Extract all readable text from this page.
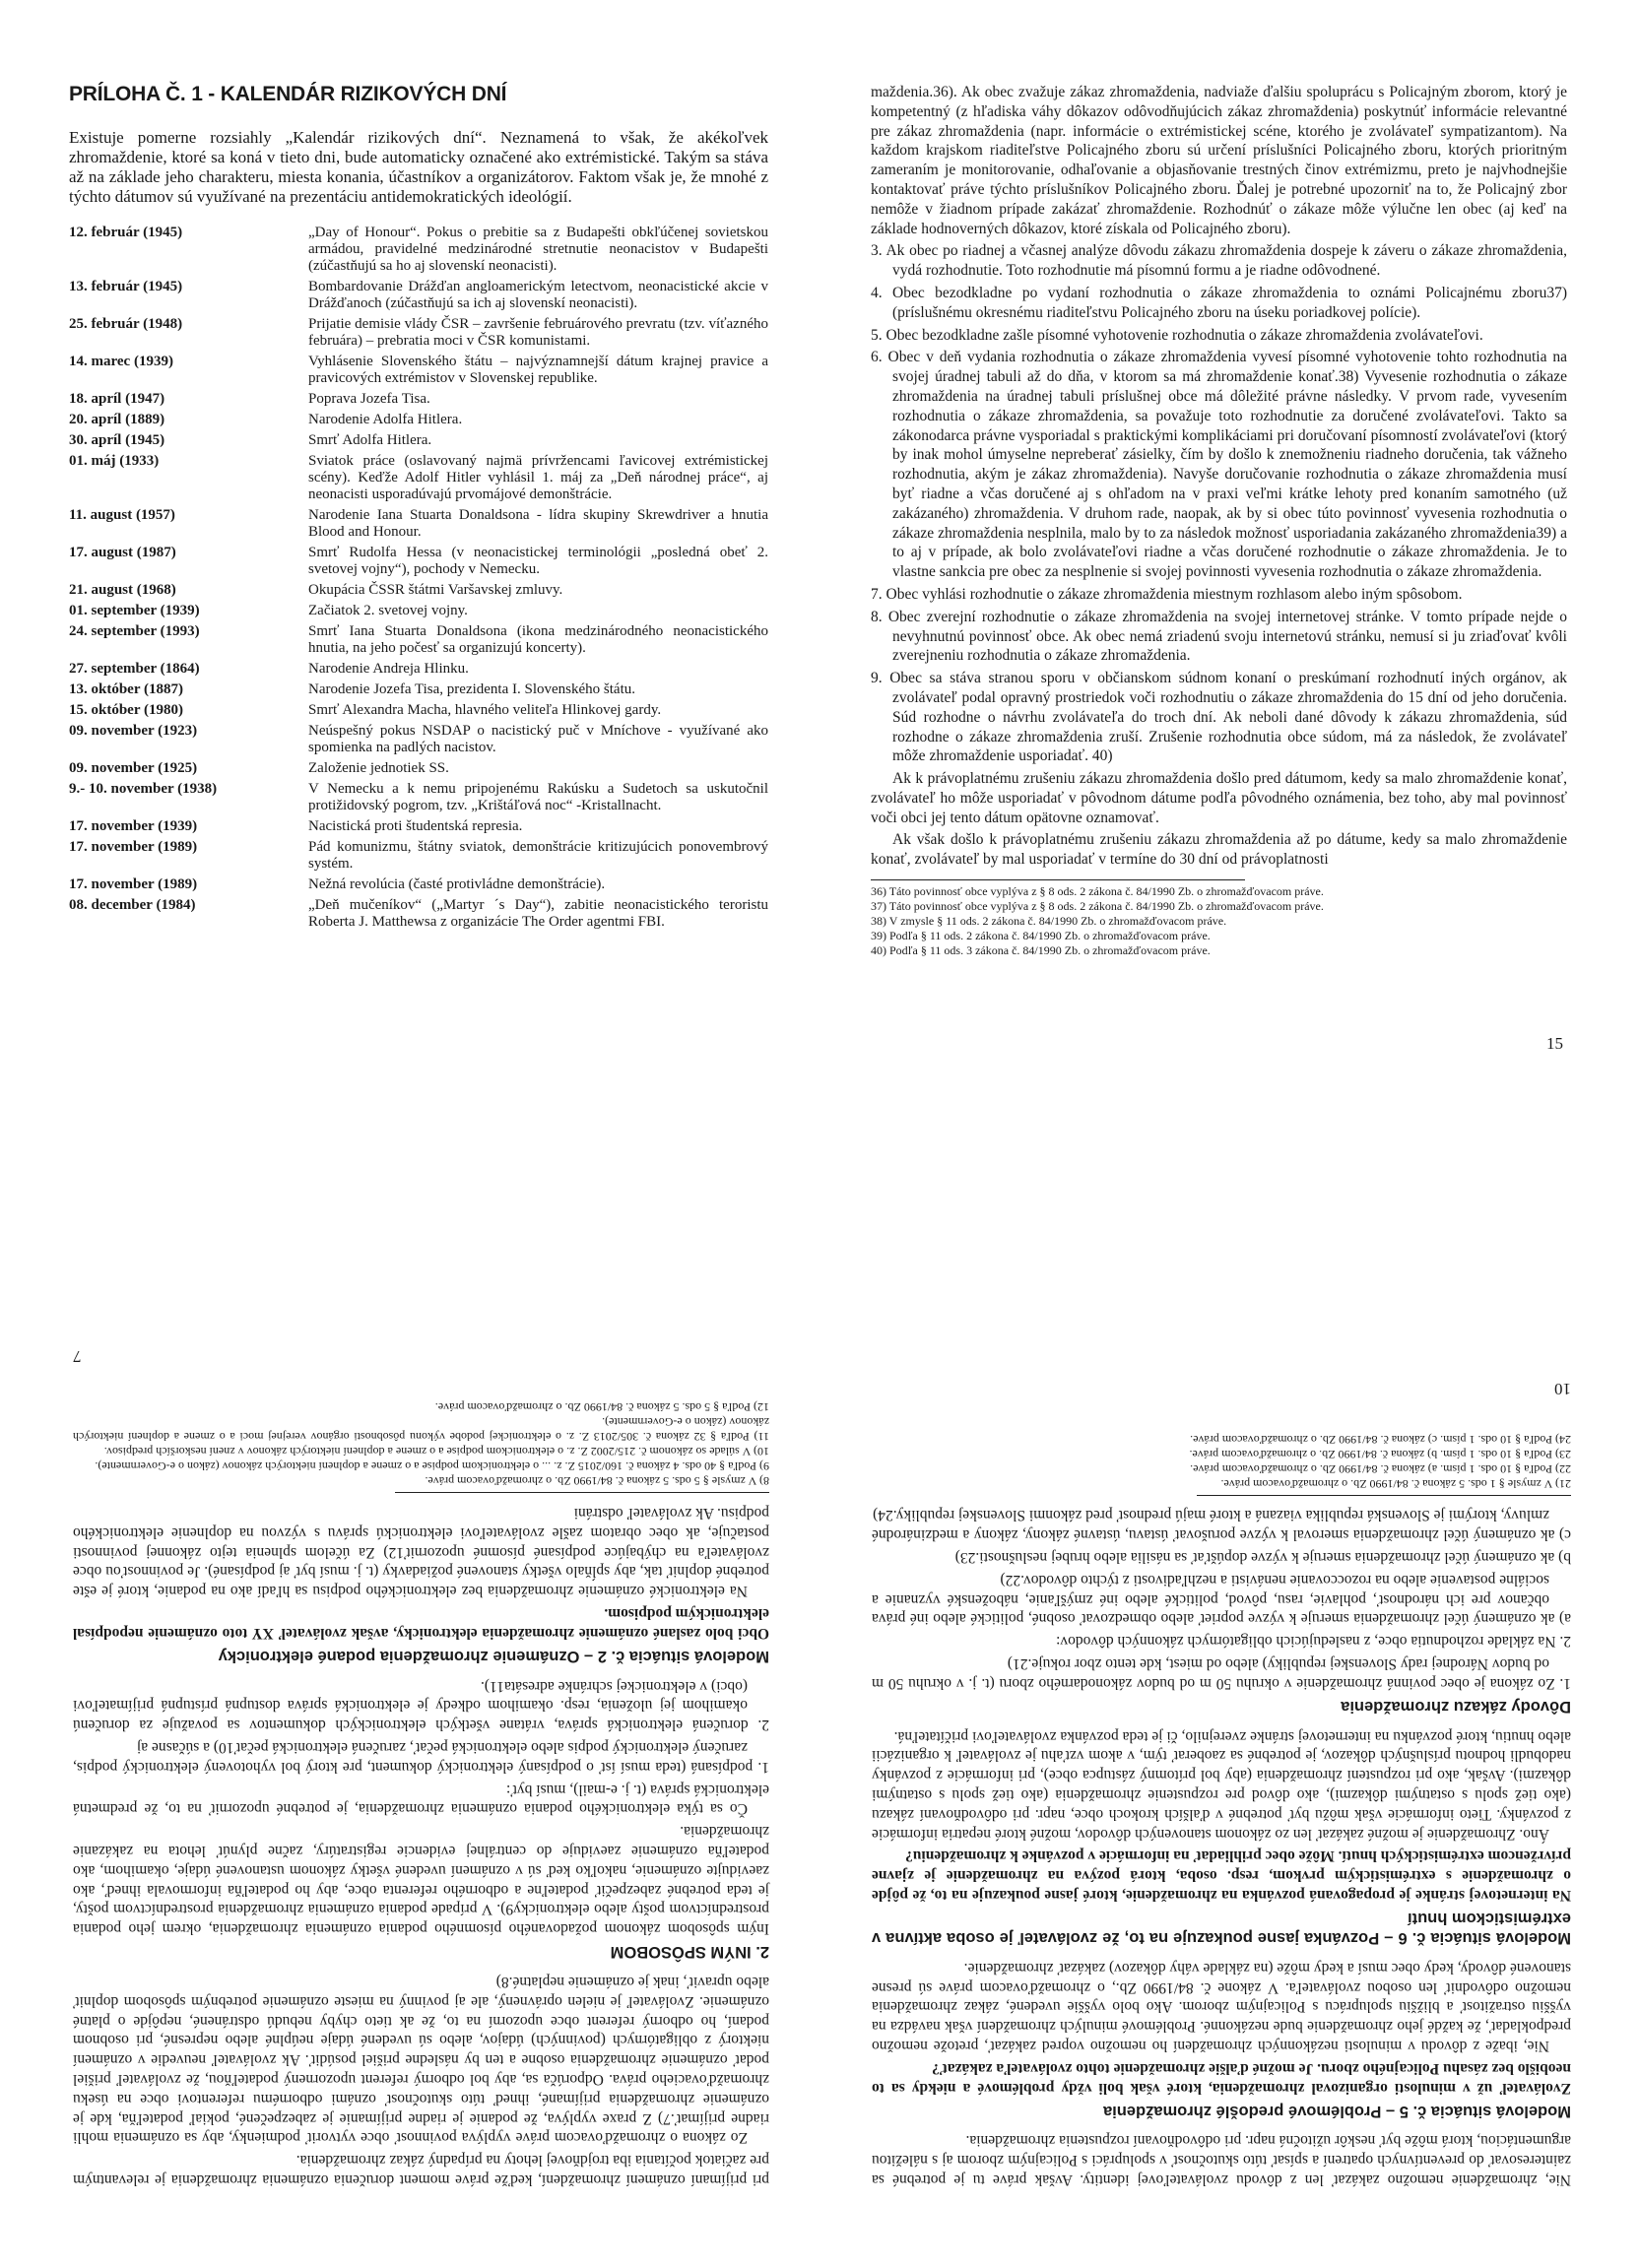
PRÍLOHA Č. 1 - KALENDÁR RIZIKOVÝCH DNÍ
Existuje pomerne rozsiahly „Kalendár rizikových dní“. Neznamená to však, že akékoľvek zhromaždenie, ktoré sa koná v tieto dni, bude automaticky označené ako extrémistické. Takým sa stáva až na základe jeho charakteru, miesta konania, účastníkov a organizátorov. Faktom však je, že mnohé z týchto dátumov sú využívané na prezentáciu antidemokratických ideológií.
12. február (1945)	„Day of Honour“. Pokus o prebitie sa z Budapešti obkľúčenej sovietskou armádou, pravidelné medzinárodné stretnutie neonacistov v Budapešti (zúčastňujú sa ho aj slovenskí neonacisti).
13. február (1945)	Bombardovanie Drážďan angloamerickým letectvom, neonacistické akcie v Drážďanoch (zúčastňujú sa ich aj slovenskí neonacisti).
25. február (1948)	Prijatie demisie vlády ČSR – završenie februárového prevratu (tzv. víťazného februára) – prebratia moci v ČSR komunistami.
14. marec (1939)	Vyhlásenie Slovenského štátu – najvýznamnejší dátum krajnej pravice a pravicových extrémistov v Slovenskej republike.
18. apríl (1947)	Poprava Jozefa Tisa.
20. apríl (1889)	Narodenie Adolfa Hitlera.
30. apríl (1945)	Smrť Adolfa Hitlera.
01. máj (1933)	Sviatok práce (oslavovaný najmä prívržencami ľavicovej extrémistickej scény). Keďže Adolf Hitler vyhlásil 1. máj za „Deň národnej práce“, aj neonacisti usporadúvajú prvomájové demonštrácie.
11. august (1957)	Narodenie Iana Stuarta Donaldsona - lídra skupiny Skrewdriver a hnutia Blood and Honour.
17. august (1987)	Smrť Rudolfa Hessa (v neonacistickej terminológii „posledná obeť 2. svetovej vojny“), pochody v Nemecku.
21. august (1968)	Okupácia ČSSR štátmi Varšavskej zmluvy.
01. september (1939)	Začiatok 2. svetovej vojny.
24. september (1993)	Smrť Iana Stuarta Donaldsona (ikona medzinárodného neonacistického hnutia, na jeho počesť sa organizujú koncerty).
27. september (1864)	Narodenie Andreja Hlinku.
13. október (1887)	Narodenie Jozefa Tisa, prezidenta I. Slovenského štátu.
15. október (1980)	Smrť Alexandra Macha, hlavného veliteľa Hlinkovej gardy.
09. november (1923)	Neúspešný pokus NSDAP o nacistický puč v Mníchove - využívané ako spomienka na padlých nacistov.
09. november (1925)	Založenie jednotiek SS.
9.- 10. november (1938)	V Nemecku a k nemu pripojenému Rakúsku a Sudetoch sa uskutočnil protižidovský pogrom, tzv. „Krištáľová noc“ -Kristallnacht.
17. november (1939)	Nacistická proti študentská represia.
17. november (1989)	Pád komunizmu, štátny sviatok, demonštrácie kritizujúcich ponovembrový systém.
17. november (1989)	Nežná revolúcia (časté protivládne demonštrácie).
08. december (1984)	„Deň mučeníkov“ („Martyr ´s Day“), zabitie neonacistického teroristu Roberta J. Matthewsa z organizácie The Order agentmi FBI.
maždenia.36). Ak obec zvažuje zákaz zhromaždenia, nadviaže ďalšiu spoluprácu s Policajným zborom, ktorý je kompetentný (z hľadiska váhy dôkazov odôvodňujúcich zákaz zhromaždenia) poskytnúť informácie relevantné pre zákaz zhromaždenia (napr. informácie o extrémistickej scéne, ktorého je zvolávateľ sympatizantom). Na každom krajskom riaditeľstve Policajného zboru sú určení príslušníci Policajného zboru, ktorých prioritným zameraním je monitorovanie, odhaľovanie a objasňovanie trestných činov extrémizmu, preto je najvhodnejšie kontaktovať práve týchto príslušníkov Policajného zboru. Ďalej je potrebné upozorniť na to, že Policajný zbor nemôže v žiadnom prípade zakázať zhromaždenie. Rozhodnúť o zákaze môže výlučne len obec (aj keď na základe hodnoverných dôkazov, ktoré získala od Policajného zboru).
3. Ak obec po riadnej a včasnej analýze dôvodu zákazu zhromaždenia dospeje k záveru o zákaze zhromaždenia, vydá rozhodnutie. Toto rozhodnutie má písomnú formu a je riadne odôvodnené.
4. Obec bezodkladne po vydaní rozhodnutia o zákaze zhromaždenia to oznámi Policajnému zboru37) (príslušnému okresnému riaditeľstvu Policajného zboru na úseku poriadkovej polície).
5. Obec bezodkladne zašle písomné vyhotovenie rozhodnutia o zákaze zhromaždenia zvolávateľovi.
6. Obec v deň vydania rozhodnutia o zákaze zhromaždenia vyvesí písomné vyhotovenie tohto rozhodnutia na svojej úradnej tabuli až do dňa, v ktorom sa má zhromaždenie konať.38) Vyvesenie rozhodnutia o zákaze zhromaždenia na úradnej tabuli príslušnej obce má dôležité právne následky. V prvom rade, vyvesením rozhodnutia o zákaze zhromaždenia, sa považuje toto rozhodnutie za doručené zvolávateľovi. Takto sa zákonodarca právne vysporiadal s praktickými komplikáciami pri doručovaní písomností zvolávateľovi (ktorý by inak mohol úmyselne nepreberať zásielky, čím by došlo k znemožneniu riadneho doručenia, tak vážneho rozhodnutia, akým je zákaz zhromaždenia). Navyše doručovanie rozhodnutia o zákaze zhromaždenia musí byť riadne a včas doručené aj s ohľadom na v praxi veľmi krátke lehoty pred konaním samotného (už zakázaného) zhromaždenia. V druhom rade, naopak, ak by si obec túto povinnosť vyvesenia rozhodnutia o zákaze zhromaždenia nesplnila, malo by to za následok možnosť usporiadania zakázaného zhromaždenia39) a to aj v prípade, ak bolo zvolávateľovi riadne a včas doručené rozhodnutie o zákaze zhromaždenia. Je to vlastne sankcia pre obec za nesplnenie si svojej povinnosti vyvesenia rozhodnutia o zákaze zhromaždenia.
7. Obec vyhlási rozhodnutie o zákaze zhromaždenia miestnym rozhlasom alebo iným spôsobom.
8. Obec zverejní rozhodnutie o zákaze zhromaždenia na svojej internetovej stránke. V tomto prípade nejde o nevyhnutnú povinnosť obce. Ak obec nemá zriadenú svoju internetovú stránku, nemusí si ju zriaďovať kvôli zverejneniu rozhodnutia o zákaze zhromaždenia.
9. Obec sa stáva stranou sporu v občianskom súdnom konaní o preskúmaní rozhodnutí iných orgánov, ak zvolávateľ podal opravný prostriedok voči rozhodnutiu o zákaze zhromaždenia do 15 dní od jeho doručenia. Súd rozhodne o návrhu zvolávateľa do troch dní. Ak neboli dané dôvody k zákazu zhromaždenia, súd rozhodne o zákaze zhromaždenia zruší. Zrušenie rozhodnutia obce súdom, má za následok, že zvolávateľ môže zhromaždenie usporiadať. 40)
Ak k právoplatnému zrušeniu zákazu zhromaždenia došlo pred dátumom, kedy sa malo zhromaždenie konať, zvolávateľ ho môže usporiadať v pôvodnom dátume podľa pôvodného oznámenia, bez toho, aby mal povinnosť voči obci jej tento dátum opätovne oznamovať.
Ak však došlo k právoplatnému zrušeniu zákazu zhromaždenia až po dátume, kedy sa malo zhromaždenie konať, zvolávateľ by mal usporiadať v termíne do 30 dní od právoplatnosti

36) Táto povinnosť obce vyplýva z § 8 ods. 2 zákona č. 84/1990 Zb. o zhromažďovacom práve.

37) Táto povinnosť obce vyplýva z § 8 ods. 2 zákona č. 84/1990 Zb. o zhromažďovacom práve.

38) V zmysle § 11 ods. 2 zákona č. 84/1990 Zb. o zhromažďovacom práve.

39) Podľa § 11 ods. 2 zákona č. 84/1990 Zb. o zhromažďovacom práve.

40) Podľa § 11 ods. 3 zákona č. 84/1990 Zb. o zhromažďovacom práve.

15

Nie, zhromaždenie nemožno zakázať len z dôvodu zvolávateľovej identity. Avšak práve tu je potrebné sa zainteresovať do preventívnych opatrení a spísať túto skutočnosť v spolupráci s Policajným zborom aj s náležitou argumentáciou, ktorá môže byť neskôr užitočná napr. pri odôvodňovaní rozpustenia zhromaždenia.

Modelová situácia č. 5 – Problémové predošlé zhromaždenia

Zvolávateľ už v minulosti organizoval zhromaždenia, ktoré však boli vždy problémové a niekdy sa to neobišlo bez zásahu Policajného zboru. Je možné ďalšie zhromaždenie tohto zvolávateľa zakázať?

Nie, ibaže z dôvodu v minulosti nezákonných zhromaždení ho nemožno vopred zakázať, pretože nemožno predpokladať, že každé jeho zhromaždenie bude nezákonné. Problémové minulých zhromaždení však navádza na vyššiu ostražitosť a bližšiu spoluprácu s Policajným zborom. Ako bolo vyššie uvedené, zákaz zhromaždenia nemožno odôvodniť len osobou zvolávateľa. V zákone č. 84/1990 Zb., o zhromažďovacom práve sú presne stanovené dôvody, kedy obec musí a kedy môže (na základe váhy dôkazov) zakázať zhromaždenie.

Modelová situácia č. 6 – Pozvánka jasne poukazuje na to, že zvolávateľ je osoba aktívna v extrémistickom hnutí

Na internetovej stránke je propagovaná pozvánka na zhromaždenie, ktoré jasne poukazuje na to, že pôjde o zhromaždenie s extrémistickým prvkom, resp. osoba, ktorá pozýva na zhromaždenie je zjavne prívržencom extrémistických hnutí. Môže obec prihliadať na informácie v pozvánke k zhromaždeniu?

Áno. Zhromaždenie je možné zakázať len zo zákonom stanovených dôvodov, možné ktoré nepatria informácie z pozvánky. Tieto informácie však môžu byť potrebné v ďalších krokoch obce, napr. pri odôvodňovaní zákazu (ako tiež spolu s ostatnými dôkazmi), ako dôvod pre rozpustenie zhromaždenia (ako tiež spolu s ostatnými dôkazmi). Avšak, ako pri rozpustení zhromaždenia (aby bol prítomný zástupca obce), pri informácie z pozvánky nadobudli hodnotu príslušných dôkazov, je potrebné sa zaoberať tým, v akom vzťahu je zvolávateľ k organizácii alebo hnutiu, ktoré pozvánku na internetovej stránke zverejnilo, či je teda pozvánka zvolávateľovi pričítateľná.

Dôvody zákazu zhromaždenia
1. Zo zákona je obec povinná zhromaždenie v okruhu 50 m od budov zákonodarného zboru (t. j. v okruhu 50 m od budov Národnej rady Slovenskej republiky) alebo od miest, kde tento zbor rokuje.21)
2. Na základe rozhodnutia obce, z nasledujúcich obligatórnych zákonných dôvodov:
a) ak oznámený účel zhromaždenia smeruje k výzve poprieť alebo obmedzovať osobné, politické alebo iné práva občanov pre ich národnosť, pohlavie, rasu, pôvod, politické alebo iné zmýšľanie, náboženské vyznanie a sociálne postavenie alebo na rozoccovanie nenávisti a nezhľadivosti z týchto dôvodov.22)
b) ak oznámený účel zhromaždenia smeruje k výzve dopúšťať sa násilia alebo hrubej neslušnosti.23)
c) ak oznámený účel zhromaždenia smeroval k výzve porušovať ústavu, ústavné zákony, zákony a medzinárodné zmluvy, ktorými je Slovenská republika viazaná a ktoré majú prednosť pred zákonmi Slovenskej republiky.24)

21) V zmysle § 1 ods. 5 zákona č. 84/1990 Zb. o zhromažďovacom práve.

22) Podľa § 10 ods. 1 písm. a) zákona č. 84/1990 Zb. o zhromažďovacom práve.

23) Podľa § 10 ods. 1 písm. b) zákona č. 84/1990 Zb. o zhromažďovacom práve.

24) Podľa § 10 ods. 1 písm. c) zákona č. 84/1990 Zb. o zhromažďovacom práve.

10

pri prijímaní oznámení zhromaždení, keďže práve moment doručenia oznámenia zhromaždenia je relevantným pre začiatok počítania iba trojdňovej lehoty na prípadný zákaz zhromaždenia.

Zo zákona o zhromažďovacom práve vyplýva povinnosť obce vytvoriť podmienky, aby sa oznámenia mohli riadne prijímať.7) Z praxe vyplýva, že podanie je riadne prijímanie je zabezpečené, pokiaľ podateľňa, kde je oznámenie zhromaždenia prijímané, ihneď túto skutočnosť oznámi odbornému referentovi obce na úseku zhromažďovacieho práva. Odporúča sa, aby bol odborný referent upozornený podateľňou, že zvolávateľ prišiel podať oznámenie zhromaždenia osobne a ten by následne prišiel posúdiť. Ak zvolávateľ neuvedie v oznámení niektorý z obligatórnych (povinných) údajov, alebo sú uvedené údaje neúplné alebo nepresné, pri osobnom podaní, ho odborný referent obce upozorní na to, že ak tieto chyby nebudú odstránené, nepôjde o platné oznámenie. Zvolávateľ je nielen oprávnený, ale aj povinný na mieste oznámenie potrebným spôsobom doplniť alebo upraviť, inak je oznámenie neplatné.8)

2. INÝM SPÔSOBOM

Iným spôsobom zákonom požadovaného písomného podania oznámenia zhromaždenia, okrem jeho podania prostredníctvom pošty alebo elektronicky9). V prípade podania oznámenia zhromaždenia prostredníctvom pošty, je teda potrebné zabezpečiť podateľne a odborného referenta obce, aby ho podateľňa informovala ihneď, ako zaevidujte oznámenie, nakoľko keď sú v oznámení uvedené všetky zákonom ustanovené údaje, okamihom, ako podateľňa oznámenie zaeviduje do centrálnej evidencie registratúry, začne plynúť lehota na zakázanie zhromaždenia.

Čo sa týka elektronického podania oznámenia zhromaždenia, je potrebné upozorniť na to, že predmetná elektronická správa (t. j. e-mail), musí byť:

1. podpísaná (teda musí ísť o podpísaný elektronický dokument, pre ktorý bol vyhotovený elektronický podpis, zaručený elektronický podpis alebo elektronická pečať, zaručená elektronická pečať10) a súčasne aj
2. doručená elektronická správa, vrátane všetkých elektronických dokumentov sa považuje za doručenú okamihom jej uloženia, resp. okamihom odkedy je elektronická správa dostupná prístupná prijímateľovi (obci) v elektronickej schránke adresáta11).
Modelová situácia č. 2 – Oznámenie zhromaždenia podané elektronicky

Obci bolo zaslané oznámenie zhromaždenia elektronicky, avšak zvolávateľ XY toto oznámenie nepodpísal elektronickým podpisom.

Na elektronické oznámenie zhromaždenia bez elektronického podpisu sa hľadí ako na podanie, ktoré je ešte potrebné doplniť tak, aby spĺňalo všetky stanovené požiadavky (t. j. musí byť aj podpísané). Je povinnosťou obce zvolávateľa na chýbajúce podpísané písomné upozorniť12) Za účelom splnenia tejto zákonnej povinnosti postačuje, ak obec obratom zašle zvolávateľovi elektronickú správu s výzvou na doplnenie elektronického podpisu. Ak zvolávateľ odstráni

8) V zmysle § 5 ods. 5 zákona č. 84/1990 Zb. o zhromažďovacom práve.

9) Podľa § 40 ods. 4 zákona č. 160/2015 Z. z. ... o elektronickom podpise a o zmene a doplnení niektorých zákonov (zákon o e-Governmente).

10) V súlade so zákonom č. 215/2002 Z. z. o elektronickom podpise a o zmene a doplnení niektorých zákonov v znení neskorších predpisov.

11) Podľa § 32 zákona č. 305/2013 Z. z. o elektronickej podobe výkonu pôsobnosti orgánov verejnej moci a o zmene a doplnení niektorých zákonov (zákon o e-Governmente).

12) Podľa § 5 ods. 5 zákona č. 84/1990 Zb. o zhromažďovacom práve.

7
